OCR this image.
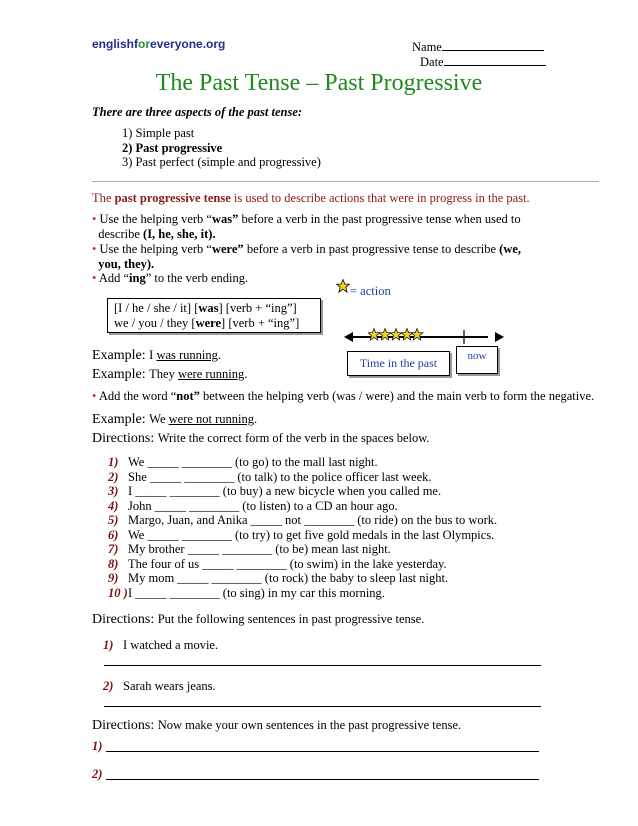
englishforeveryone.org	Name
Date
The Past Tense – Past Progressive
There are three aspects of the past tense:
1) Simple past
2) Past progressive
3) Past perfect (simple and progressive)
The past progressive tense is used to describe actions that were in progress in the past.
• Use the helping verb “was” before a verb in the past progressive tense when used to
describe (I, he, she, it).
• Use the helping verb “were” before a verb in past progressive tense to describe (we,
you, they).
• Add “ing” to the verb ending.
[I / he / she / it] [was] [verb + “ing”]
we / you / they [were] [verb + “ing”]
= action
Time in the past	now
Example: I was running.
Example: They were running.
• Add the word “not” between the helping verb (was / were) and the main verb to form the negative.
Example: We were not running.
Directions: Write the correct form of the verb in the spaces below.
1) We _____ ________ (to go) to the mall last night.
2) She _____ ________ (to talk) to the police officer last week.
3) I _____ ________ (to buy) a new bicycle when you called me.
4) John _____ ________ (to listen) to a CD an hour ago.
5) Margo, Juan, and Anika _____ not ________ (to ride) on the bus to work.
6) We _____ ________ (to try) to get five gold medals in the last Olympics.
7) My brother _____ ________ (to be) mean last night.
8) The four of us _____ ________ (to swim) in the lake yesterday.
9) My mom _____ ________ (to rock) the baby to sleep last night.
10 )I _____ ________ (to sing) in my car this morning.
Directions: Put the following sentences in past progressive tense.
1) I watched a movie.
2) Sarah wears jeans.
Directions: Now make your own sentences in the past progressive tense.
1)
2)
